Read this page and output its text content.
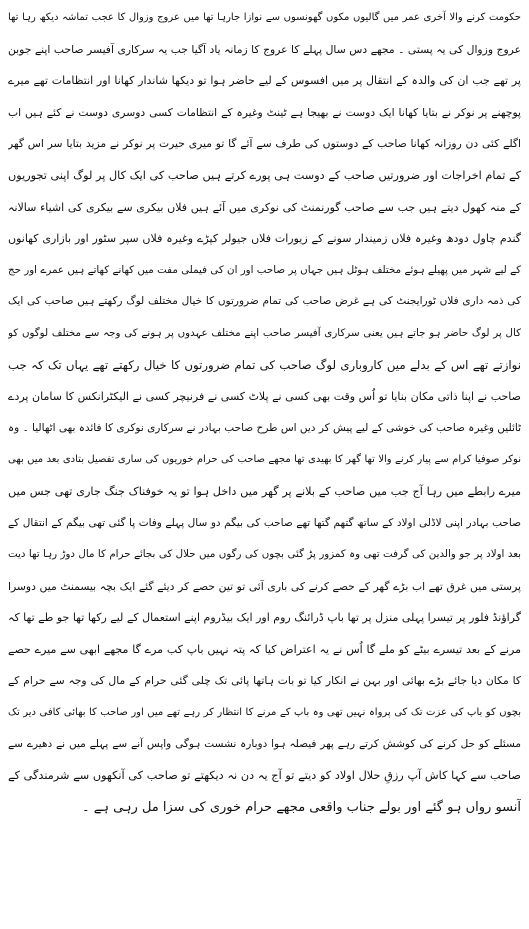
حکومت کرنے والا آخری عمر میں گالیوں مکوں گھونسوں سے نوازا جارہا تھا میں عروج وزوال کا عجب تماشہ دیکھ رہا تھا
عروج وزوال کی یہ پستی ۔ مجھے دس سال پہلے کا عروج کا زمانہ یاد آگیا جب یہ سرکاری آفیسر صاحب اپنے جوبن
پر تھے جب ان کی والدہ کے انتقال پر میں افسوس کے لیے حاضر ہوا تو دیکھا شاندار کھانا اور انتظامات تھے میرے
پوچھنے پر نوکر نے بتایا کھانا ایک دوست نے بھیجا ہے ٹینٹ وغیرہ کے انتظامات کسی دوسری دوست نے کئے ہیں اب
اگلے کئی دن روزانہ کھانا صاحب کے دوستوں کی طرف سے آئے گا تو میری حیرت پر نوکر نے مزید بتایا سر اس گھر
کے تمام اخراجات اور ضرورتیں صاحب کے دوست ہی پورے کرتے ہیں صاحب کی ایک کال پر لوگ اپنی تجوریوں
کے منہ کھول دیتے ہیں جب سے صاحب گورنمنٹ کی نوکری میں آئے ہیں فلاں بیکری سے بیکری کی اشیاء سالانہ
گندم چاول دودھ وغیرہ فلاں زمیندار سونے کے زیورات فلاں جیولر کپڑے وغیرہ فلاں سپر سٹور اور بازاری کھانوں
کے لیے شہر میں پھیلے ہوئے مختلف ہوٹل ہیں جہاں پر صاحب اور ان کی فیملی مفت میں کھانے کھاتے ہیں عمرے اور حج
کی ذمہ داری فلاں ٹورایجنٹ کی ہے غرض صاحب کی تمام ضرورتوں کا خیال مختلف لوگ رکھتے ہیں صاحب کی ایک
کال پر لوگ حاضر ہو جاتے ہیں یعنی سرکاری آفیسر صاحب اپنے مختلف عہدوں پر ہونے کی وجہ سے مختلف لوگوں کو
نوازتے تھے اس کے بدلے میں کاروباری لوگ صاحب کی تمام ضرورتوں کا خیال رکھتے تھے یہاں تک کہ جب
صاحب نے اپنا ذاتی مکان بنایا تو اُس وقت بھی کسی نے پلاٹ کسی نے فرنیچر کسی نے الیکٹرانکس کا سامان پردے
ٹائلیں وغیرہ صاحب کی خوشی کے لیے پیش کر دیں اس طرح صاحب بہادر نے سرکاری نوکری کا فائدہ بھی اٹھالیا ۔ وہ
نوکر صوفیا کرام سے پیار کرنے والا تھا گھر کا بھیدی تھا مجھے صاحب کی حرام خوریوں کی ساری تفصیل بتادی بعد میں بھی
میرے رابطے میں رہا آج جب میں صاحب کے بلانے پر گھر میں داخل ہوا تو یہ خوفناک جنگ جاری تھی جس میں
صاحب بہادر اپنی لاڈلی اولاد کے ساتھ گتھم گتھا تھے صاحب کی بیگم دو سال پہلے وفات پا گئی تھی بیگم کے انتقال کے
بعد اولاد پر جو والدین کی گرفت تھی وہ کمزور پڑ گئی بچوں کی رگوں میں حلال کی بجائے حرام کا مال دوڑ رہا تھا دیت
پرستی میں غرق تھے اب بڑے گھر کے حصے کرنے کی باری آئی تو تین حصے کر دیئے گئے ایک بچہ بیسمنٹ میں دوسرا
گراؤنڈ فلور پر تیسرا پہلی منزل پر تھا باپ ڈرائنگ روم اور ایک بیڈروم اپنے استعمال کے لیے رکھا تھا جو طے تھا کہ
مرنے کے بعد تیسرے بیٹے کو ملے گا اُس نے یہ اعتراض کیا کہ پتہ نہیں باپ کب مرے گا مجھے ابھی سے میرے حصے
کا مکان دیا جائے بڑے بھائی اور بہن نے انکار کیا تو بات ہاتھا پائی تک چلی گئی حرام کے مال کی وجہ سے حرام کے
بچوں کو باپ کی عزت تک کی پرواہ نہیں تھی وہ باپ کے مرنے کا انتظار کر رہے تھے میں اور صاحب کا بھائی کافی دیر تک
مسئلے کو حل کرنے کی کوشش کرتے رہے پھر فیصلہ ہوا دوبارہ نشست ہوگی واپس آنے سے پہلے میں نے دھیرے سے
صاحب سے کہا کاش آپ رزقِ حلال اولاد کو دیتے تو آج یہ دن نہ دیکھتے تو صاحب کی آنکھوں سے شرمندگی کے
آنسو رواں ہو گئے اور بولے جناب واقعی مجھے حرام خوری کی سزا مل رہی ہے ۔
